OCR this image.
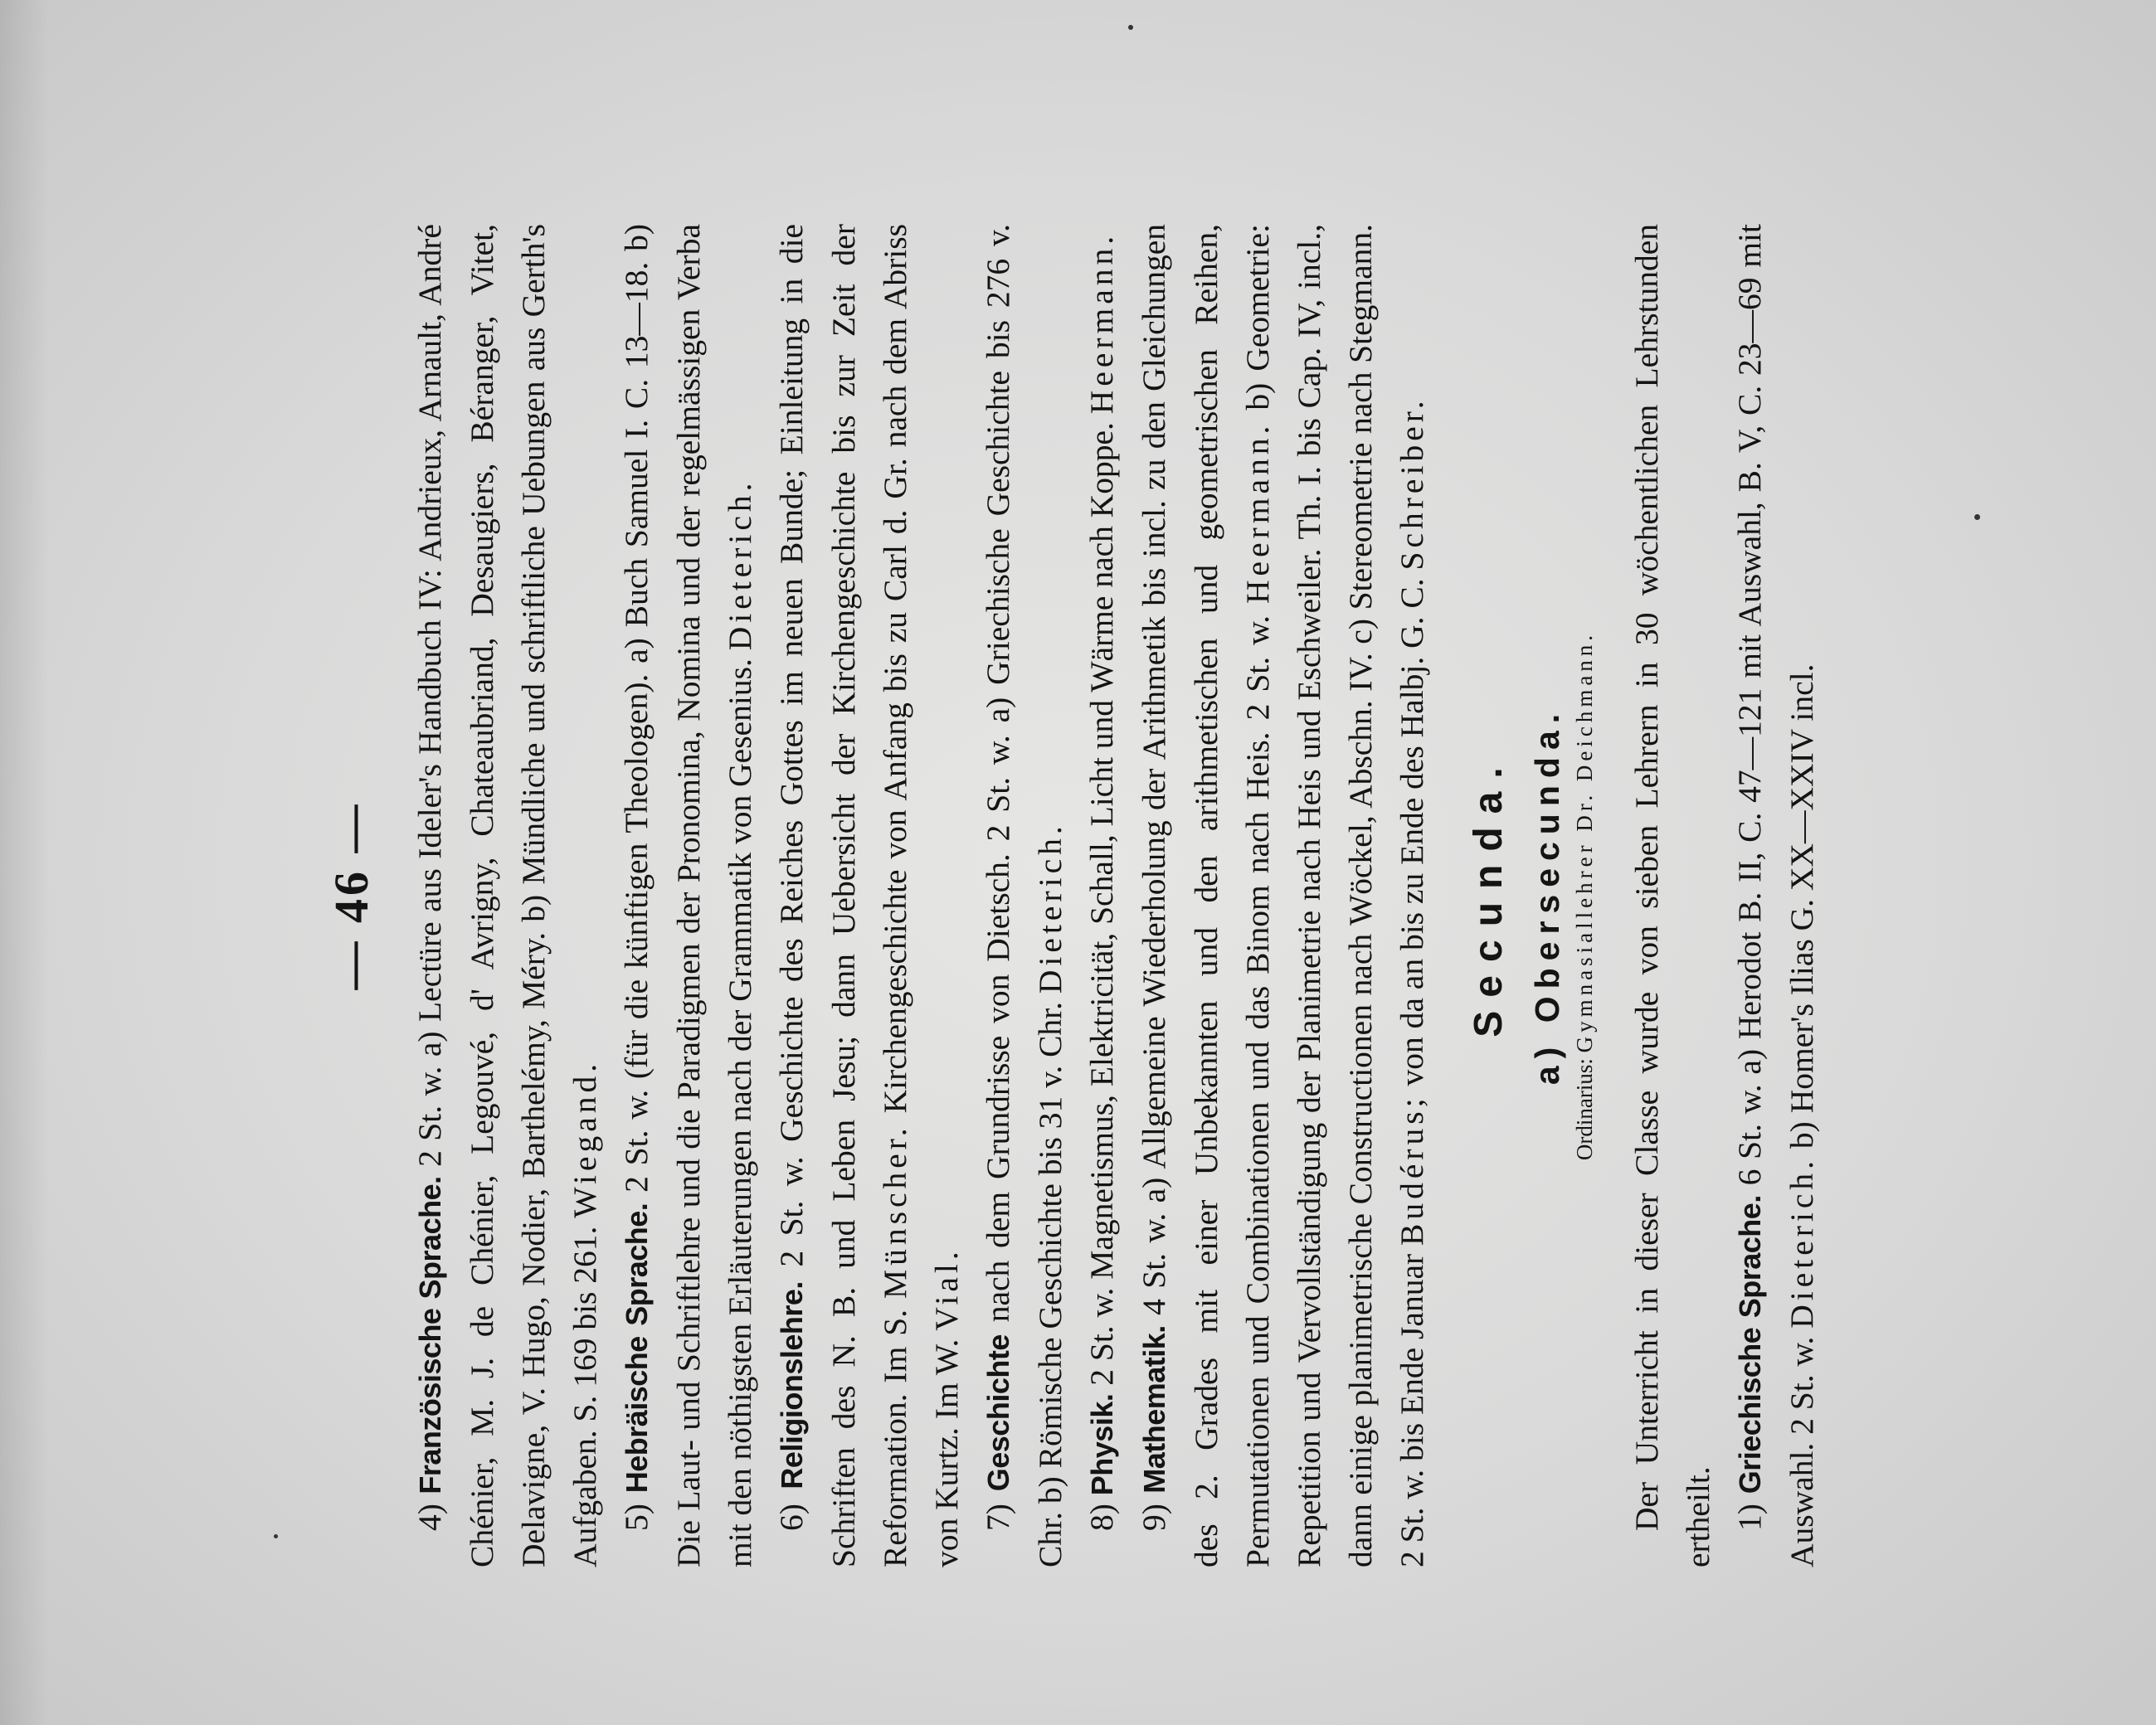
— 46 —

4) Französische Sprache. 2 St. w. a) Lectüre aus Ideler's Handbuch IV: Andrieux, Arnault, André Chénier, M. J. de Chénier, Legouvé, d' Avrigny, Chateaubriand, Desaugiers, Béranger, Vitet, Delavigne, V. Hugo, Nodier, Barthelémy, Méry. b) Mündliche und schriftliche Uebungen aus Gerth's Aufgaben. S. 169 bis 261. Wiegand.

5) Hebräische Sprache. 2 St. w. (für die künftigen Theologen). a) Buch Samuel I. C. 13—18. b) Die Laut- und Schriftlehre und die Paradigmen der Pronomina, Nomina und der regelmässigen Verba mit den nöthigsten Erläuterungen nach der Grammatik von Gesenius. Dieterich.

6) Religionslehre. 2 St. w. Geschichte des Reiches Gottes im neuen Bunde; Einleitung in die Schriften des N. B. und Leben Jesu; dann Uebersicht der Kirchengeschichte bis zur Zeit der Reformation. Im S. Münscher. Kirchengeschichte von Anfang bis zu Carl d. Gr. nach dem Abriss von Kurtz. Im W. Vial.

7) Geschichte nach dem Grundrisse von Dietsch. 2 St. w. a) Griechische Geschichte bis 276 v. Chr. b) Römische Geschichte bis 31 v. Chr. Dieterich.

8) Physik. 2 St. w. Magnetismus, Elektricität, Schall, Licht und Wärme nach Koppe. Heermann.

9) Mathematik. 4 St. w. a) Allgemeine Wiederholung der Arithmetik bis incl. zu den Gleichungen des 2. Grades mit einer Unbekannten und den arithmetischen und geometrischen Reihen, Permutationen und Combinationen und das Binom nach Heis. 2 St. w. Heermann. b) Geometrie: Repetition und Vervollständigung der Planimetrie nach Heis und Eschweiler. Th. I. bis Cap. IV, incl., dann einige planimetrische Constructionen nach Wöckel, Abschn. IV. c) Stereometrie nach Stegmann. 2 St. w. bis Ende Januar Budérus; von da an bis zu Ende des Halbj. G. C. Schreiber.

Secunda. a) Obersecunda.
Ordinarius: Gymnasiallehrer Dr. Deichmann. Der Unterricht in dieser Classe wurde von sieben Lehrern in 30 wöchentlichen Lehrstunden ertheilt. 1) Griechische Sprache. 6 St. w. a) Herodot B. II, C. 47—121 mit Auswahl, B. V, C. 23—69 mit Auswahl. 2 St. w. Dieterich. b) Homer's Ilias G. XX—XXIV incl.
